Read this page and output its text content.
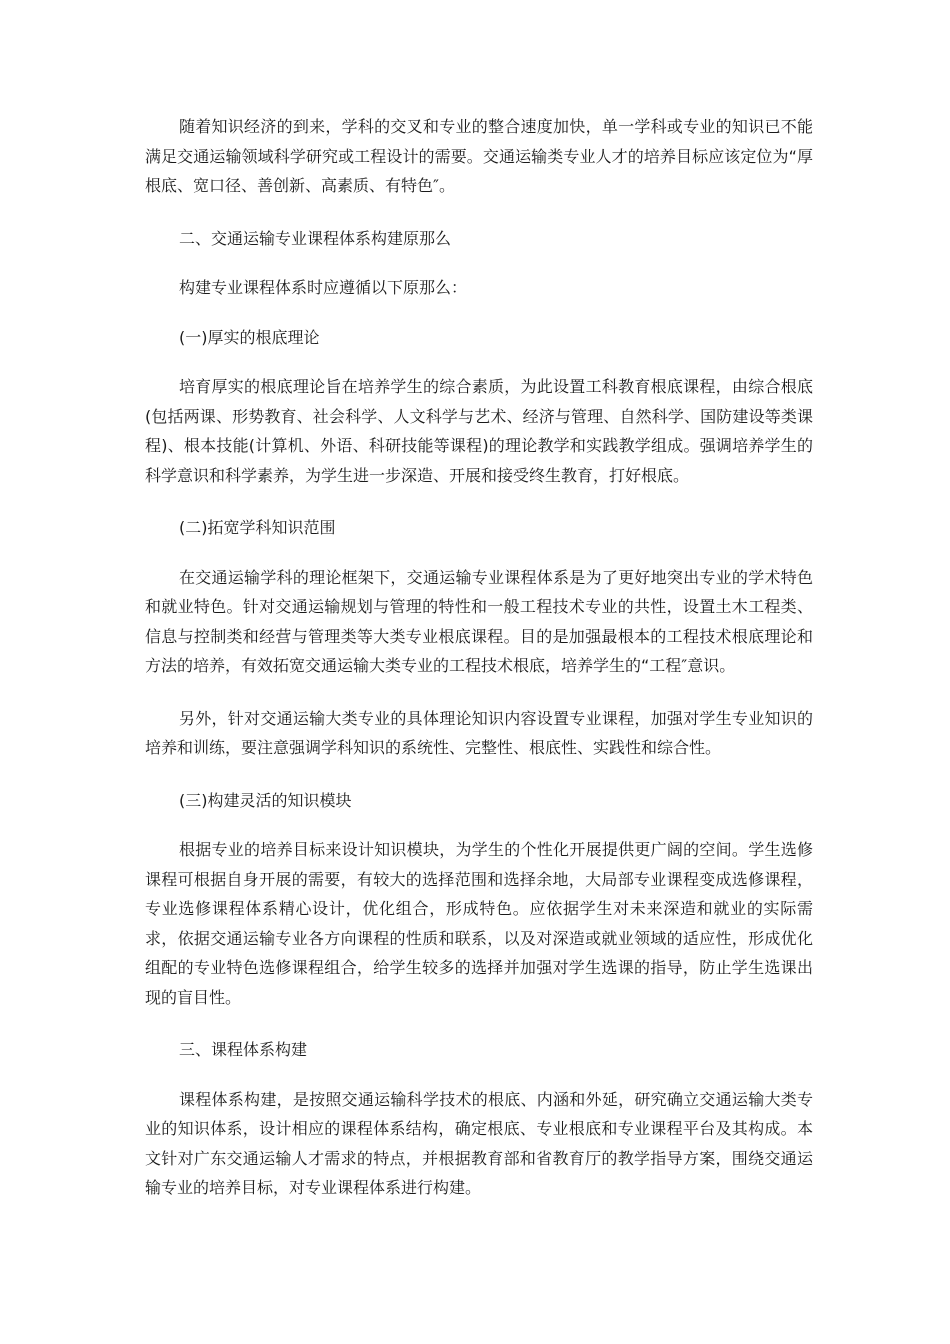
随着知识经济的到来，学科的交叉和专业的整合速度加快，单一学科或专业的知识已不能满足交通运输领域科学研究或工程设计的需要。交通运输类专业人才的培养目标应该定位为“厚根底、宽口径、善创新、高素质、有特色″。

二、交通运输专业课程体系构建原那么

构建专业课程体系时应遵循以下原那么：

(一)厚实的根底理论

培育厚实的根底理论旨在培养学生的综合素质，为此设置工科教育根底课程，由综合根底(包括两课、形势教育、社会科学、人文科学与艺术、经济与管理、自然科学、国防建设等类课程)、根本技能(计算机、外语、科研技能等课程)的理论教学和实践教学组成。强调培养学生的科学意识和科学素养，为学生进一步深造、开展和接受终生教育，打好根底。

(二)拓宽学科知识范围

在交通运输学科的理论框架下，交通运输专业课程体系是为了更好地突出专业的学术特色和就业特色。针对交通运输规划与管理的特性和一般工程技术专业的共性，设置土木工程类、信息与控制类和经营与管理类等大类专业根底课程。目的是加强最根本的工程技术根底理论和方法的培养，有效拓宽交通运输大类专业的工程技术根底，培养学生的“工程″意识。

另外，针对交通运输大类专业的具体理论知识内容设置专业课程，加强对学生专业知识的培养和训练，要注意强调学科知识的系统性、完整性、根底性、实践性和综合性。

(三)构建灵活的知识模块

根据专业的培养目标来设计知识模块，为学生的个性化开展提供更广阔的空间。学生选修课程可根据自身开展的需要，有较大的选择范围和选择余地，大局部专业课程变成选修课程，专业选修课程体系精心设计，优化组合，形成特色。应依据学生对未来深造和就业的实际需求，依据交通运输专业各方向课程的性质和联系，以及对深造或就业领域的适应性，形成优化组配的专业特色选修课程组合，给学生较多的选择并加强对学生选课的指导，防止学生选课出现的盲目性。

三、课程体系构建

课程体系构建，是按照交通运输科学技术的根底、内涵和外延，研究确立交通运输大类专业的知识体系，设计相应的课程体系结构，确定根底、专业根底和专业课程平台及其构成。本文针对广东交通运输人才需求的特点，并根据教育部和省教育厅的教学指导方案，围绕交通运输专业的培养目标，对专业课程体系进行构建。
